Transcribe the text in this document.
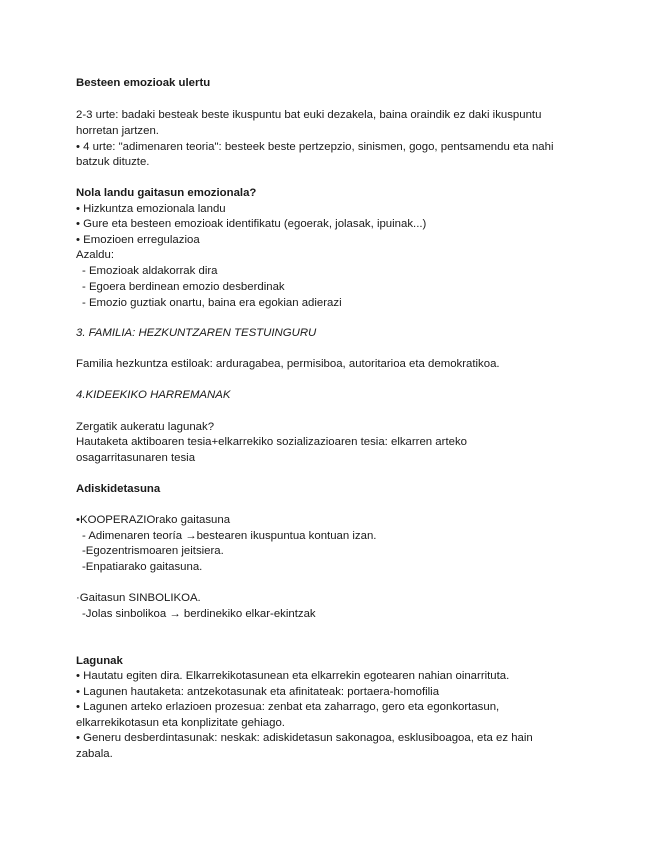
Besteen emozioak ulertu
2-3 urte: badaki besteak beste ikuspuntu bat euki dezakela, baina oraindik ez daki ikuspuntu
horretan jartzen.
• 4 urte: "adimenaren teoria": besteek beste pertzepzio, sinismen, gogo, pentsamendu eta nahi
batzuk dituzte.
Nola landu gaitasun emozionala?
• Hizkuntza emozionala landu
• Gure eta besteen emozioak identifikatu (egoerak, jolasak, ipuinak...)
• Emozioen erregulazioa
Azaldu:
- Emozioak aldakorrak dira
- Egoera berdinean emozio desberdinak
- Emozio guztiak onartu, baina era egokian adierazi
3. FAMILIA: HEZKUNTZAREN TESTUINGURU
Familia hezkuntza estiloak: arduragabea, permisiboa, autoritarioa eta demokratikoa.
4.KIDEEKIKO HARREMANAK
Zergatik aukeratu lagunak?
Hautaketa aktiboaren tesia+elkarrekiko sozializazioaren tesia: elkarren arteko
osagarritasunaren tesia
Adiskidetasuna
•KOOPERAZIOrako gaitasuna
- Adimenaren teoría →bestearen ikuspuntua kontuan izan.
-Egozentrismoaren jeitsiera.
-Enpatiarako gaitasuna.
·Gaitasun SINBOLIKOA.
-Jolas sinbolikoa → berdinekiko elkar-ekintzak
Lagunak
• Hautatu egiten dira. Elkarrekikotasunean eta elkarrekin egotearen nahian oinarrituta.
• Lagunen hautaketa: antzekotasunak eta afinitateak: portaera-homofilia
• Lagunen arteko erlazioen prozesua: zenbat eta zaharrago, gero eta egonkortasun,
elkarrekikotasun eta konplizitate gehiago.
• Generu desberdintasunak: neskak: adiskidetasun sakonagoa, esklusiboagoa, eta ez hain
zabala.
